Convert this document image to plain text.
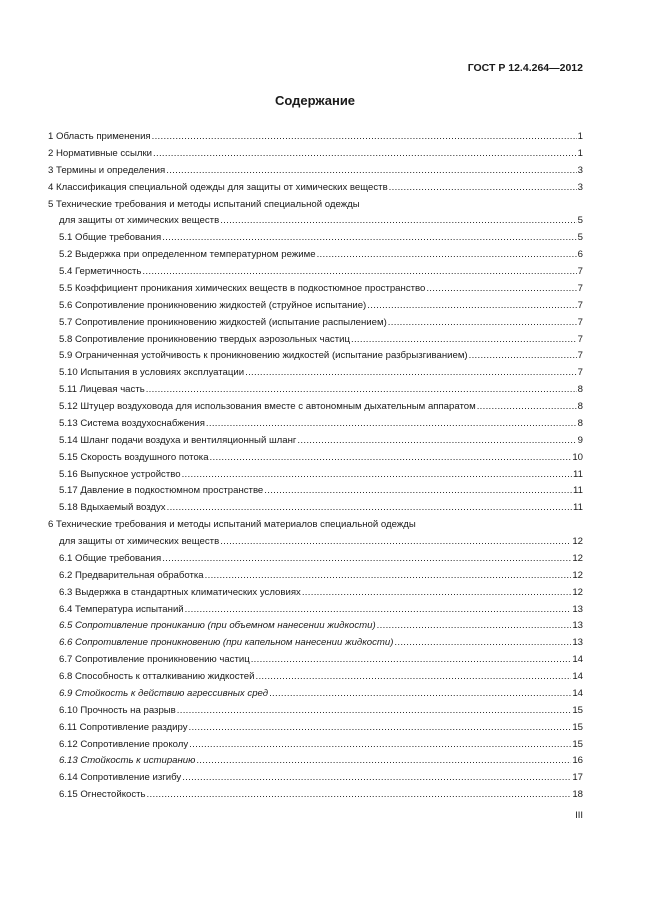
ГОСТ Р 12.4.264—2012
Содержание
1 Область применения .....	1
2 Нормативные ссылки .....	1
3 Термины и определения .....	3
4 Классификация специальной одежды для защиты от химических веществ .....	3
5 Технические требования и методы испытаний специальной одежды
для защиты от химических веществ .....	5
5.1 Общие требования .....	5
5.2 Выдержка при определенном температурном режиме .....	6
5.4 Герметичность .....	7
5.5 Коэффициент проникания химических веществ в подкостюмное пространство .....	7
5.6 Сопротивление проникновению жидкостей (струйное испытание) .....	7
5.7 Сопротивление проникновению жидкостей (испытание распылением) .....	7
5.8 Сопротивление проникновению твердых аэрозольных частиц .....	7
5.9 Ограниченная устойчивость к проникновению жидкостей (испытание разбрызгиванием) .....	7
5.10 Испытания в условиях эксплуатации .....	7
5.11 Лицевая часть .....	8
5.12 Штуцер воздуховода для использования вместе с автономным дыхательным аппаратом .....	8
5.13 Система воздухоснабжения .....	8
5.14 Шланг подачи воздуха и вентиляционный шланг .....	9
5.15 Скорость воздушного потока .....	10
5.16 Выпускное устройство .....	11
5.17 Давление в подкостюмном пространстве .....	11
5.18 Вдыхаемый воздух .....	11
6 Технические требования и методы испытаний материалов специальной одежды
для защиты от химических веществ .....	12
6.1 Общие требования .....	12
6.2 Предварительная обработка .....	12
6.3 Выдержка в стандартных климатических условиях .....	12
6.4 Температура испытаний .....	13
6.5 Сопротивление прониканию (при объемном нанесении жидкости) .....	13
6.6 Сопротивление проникновению (при капельном нанесении жидкости) .....	13
6.7 Сопротивление проникновению частиц .....	14
6.8 Способность к отталкиванию жидкостей .....	14
6.9 Стойкость к действию агрессивных сред .....	14
6.10 Прочность на разрыв .....	15
6.11 Сопротивление раздиру .....	15
6.12 Сопротивление проколу .....	15
6.13 Стойкость к истиранию .....	16
6.14 Сопротивление изгибу .....	17
6.15 Огнестойкость .....	18
III
